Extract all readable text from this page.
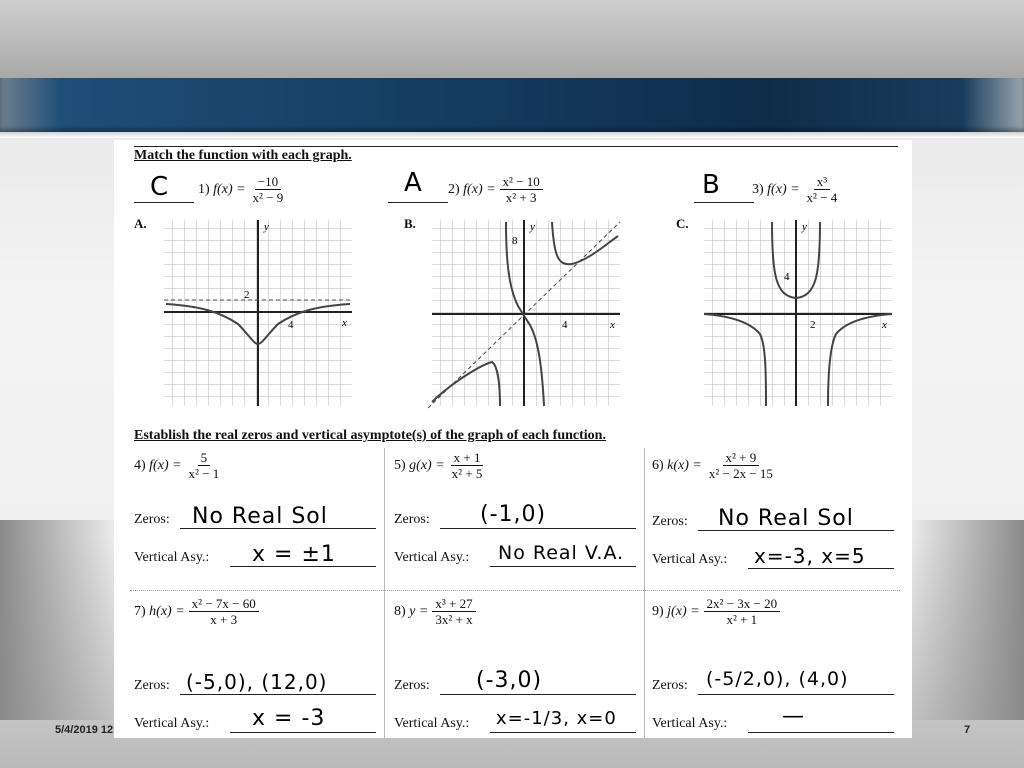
Match the function with each graph.
C 1)
$f(x) = \frac{-10}{\text{x² − 9}}$	A 2)
$f(x) = \frac{\text{x² − 10}}{\text{x² + 3}}$	B 3)
$f(x) = \frac{\text{x³}}{\text{x² − 4}}$
A.
2
4
y
x
B.
8
4
y
x
C.
4
2
y
x
Establish the real zeros and vertical asymptote(s) of the graph of each function.
4)
$f(x) = \frac{5}{\text{x² − 1}}$
Zeros: No Real Sol
Vertical Asy.: x = ±1
5)
$g(x) = \frac{x + 1}{\text{x² + 5}}$
Zeros: (-1,0)
Vertical Asy.: No Real V.A.
6)
$k(x) = \frac{\text{x² + 9}}{\text{x² − 2x − 15}}$
Zeros: No Real Sol
Vertical Asy.: x=-3, x=5
7)
$h(x) = \frac{\text{x² − 7x − 60}}{x + 3}$
Zeros: (-5,0), (12,0)
Vertical Asy.: x = -3
8)
$y = \frac{\text{x³ + 27}}{\text{3x² + x}}$
Zeros: (-3,0)
Vertical Asy.: x=-1/3, x=0
9)
$j(x) = \frac{\text{2x² − 3x − 20}}{\text{x² + 1}}$
Zeros: (-5/2,0), (4,0)
Vertical Asy.: —
5/4/2019 12	7
